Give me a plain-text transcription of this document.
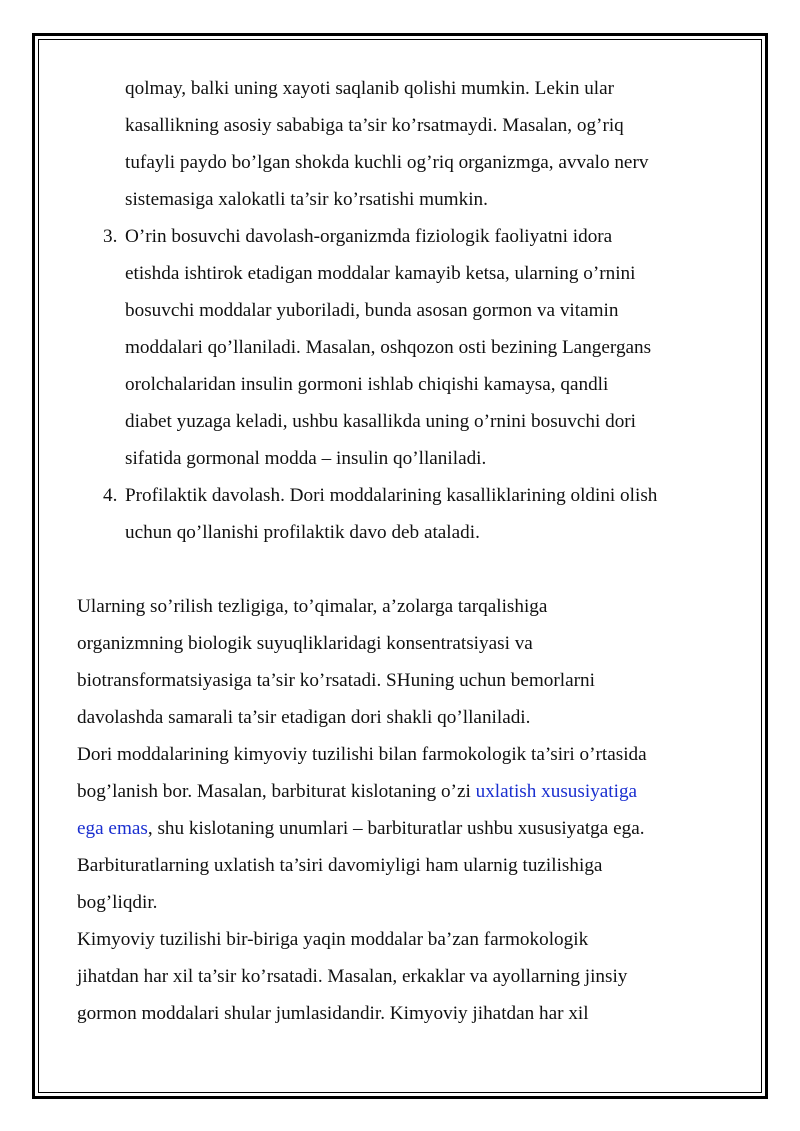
qolmay, balki uning xayoti saqlanib qolishi mumkin. Lekin ular
kasallikning asosiy sababiga ta’sir ko’rsatmaydi. Masalan, og’riq
tufayli paydo bo’lgan shokda kuchli og’riq organizmga, avvalo nerv
sistemasiga xalokatli ta’sir ko’rsatishi mumkin.
3. O’rin bosuvchi davolash-organizmda fiziologik faoliyatni idora
etishda ishtirok etadigan moddalar kamayib ketsa, ularning o’rnini
bosuvchi moddalar yuboriladi, bunda asosan gormon va vitamin
moddalari qo’llaniladi. Masalan, oshqozon osti bezining Langergans
orolchalaridan insulin gormoni ishlab chiqishi kamaysa, qandli
diabet yuzaga keladi, ushbu kasallikda uning o’rnini bosuvchi dori
sifatida gormonal modda – insulin qo’llaniladi.
4. Profilaktik davolash. Dori moddalarining kasalliklarining oldini olish
uchun qo’llanishi profilaktik davo deb ataladi.
Ularning so’rilish tezligiga, to’qimalar, a’zolarga tarqalishiga
organizmning biologik suyuqliklaridagi konsentratsiyasi va
biotransformatsiyasiga ta’sir ko’rsatadi. SHuning uchun bemorlarni
davolashda samarali ta’sir etadigan dori shakli qo’llaniladi.
Dori moddalarining kimyoviy tuzilishi bilan farmokologik ta’siri o’rtasida
bog’lanish bor. Masalan, barbiturat kislotaning o’zi uxlatish xususiyatiga
ega emas, shu kislotaning unumlari – barbituratlar ushbu xususiyatga ega.
Barbituratlarning uxlatish ta’siri davomiyligi ham ularnig tuzilishiga
bog’liqdir.
Kimyoviy tuzilishi bir-biriga yaqin moddalar ba’zan farmokologik
jihatdan har xil ta’sir ko’rsatadi. Masalan, erkaklar va ayollarning jinsiy
gormon moddalari shular jumlasidandir. Kimyoviy jihatdan har xil
